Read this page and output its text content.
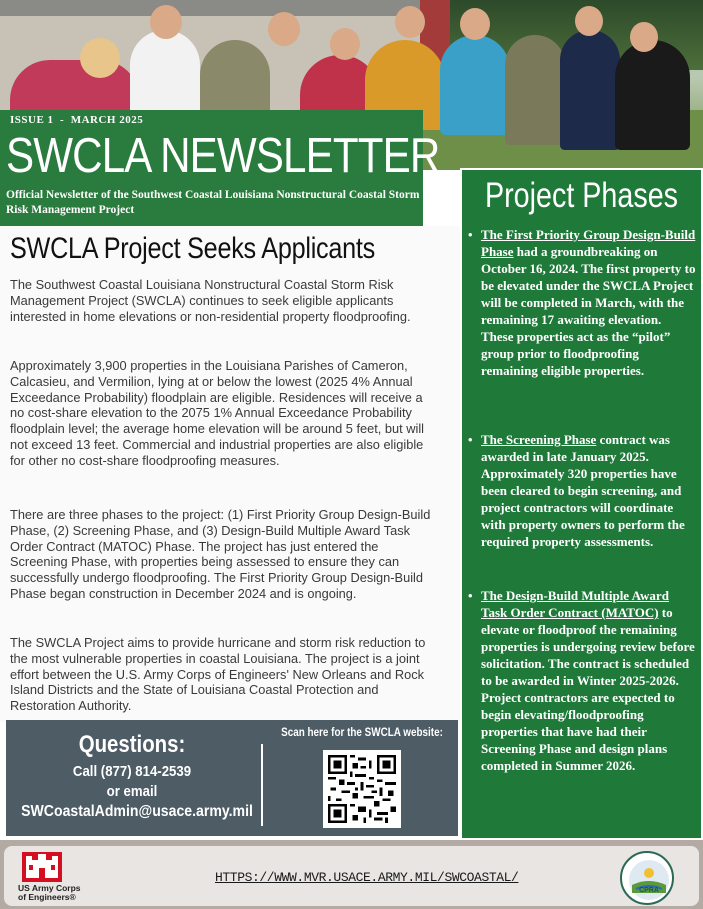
ISSUE 1  -  MARCH 2025
SWCLA NEWSLETTER
Official Newsletter of the Southwest Coastal Louisiana Nonstructural Coastal Storm Risk Management Project
SWCLA Project Seeks Applicants
The Southwest Coastal Louisiana Nonstructural Coastal Storm Risk Management Project (SWCLA) continues to seek eligible applicants interested in home elevations or non-residential property floodproofing.
Approximately 3,900 properties in the Louisiana Parishes of Cameron, Calcasieu, and Vermilion, lying at or below the lowest (2025 4% Annual Exceedance Probability) floodplain are eligible. Residences will receive a no cost-share elevation to the 2075 1% Annual Exceedance Probability floodplain level; the average home elevation will be around 5 feet, but will not exceed 13 feet. Commercial and industrial properties are also eligible for other no cost-share floodproofing measures.
There are three phases to the project: (1) First Priority Group Design-Build Phase, (2) Screening Phase, and (3) Design-Build Multiple Award Task Order Contract (MATOC) Phase. The project has just entered the Screening Phase, with properties being assessed to ensure they can successfully undergo floodproofing. The First Priority Group Design-Build Phase began construction in December 2024 and is ongoing.
The SWCLA Project aims to provide hurricane and storm risk reduction to the most vulnerable properties in coastal Louisiana. The project is a joint effort between the U.S. Army Corps of Engineers' New Orleans and Rock Island Districts and the State of Louisiana Coastal Protection and Restoration Authority.
Questions:
Call (877) 814-2539
or email
SWCoastalAdmin@usace.army.mil
Scan here for the SWCLA website:
Project Phases
• The First Priority Group Design-Build Phase had a groundbreaking on October 16, 2024. The first property to be elevated under the SWCLA Project will be completed in March, with the remaining 17 awaiting elevation. These properties act as the “pilot” group prior to floodproofing remaining eligible properties.
• The Screening Phase contract was awarded in late January 2025. Approximately 320 properties have been cleared to begin screening, and project contractors will coordinate with property owners to perform the required property assessments.
• The Design-Build Multiple Award Task Order Contract (MATOC) to elevate or floodproof the remaining properties is undergoing review before solicitation. The contract is scheduled to be awarded in Winter 2025-2026. Project contractors are expected to begin elevating/floodproofing properties that have had their Screening Phase and design plans completed in Summer 2026.
US Army Corps of Engineers®
HTTPS://WWW.MVR.USACE.ARMY.MIL/SWCOASTAL/
CPRA
